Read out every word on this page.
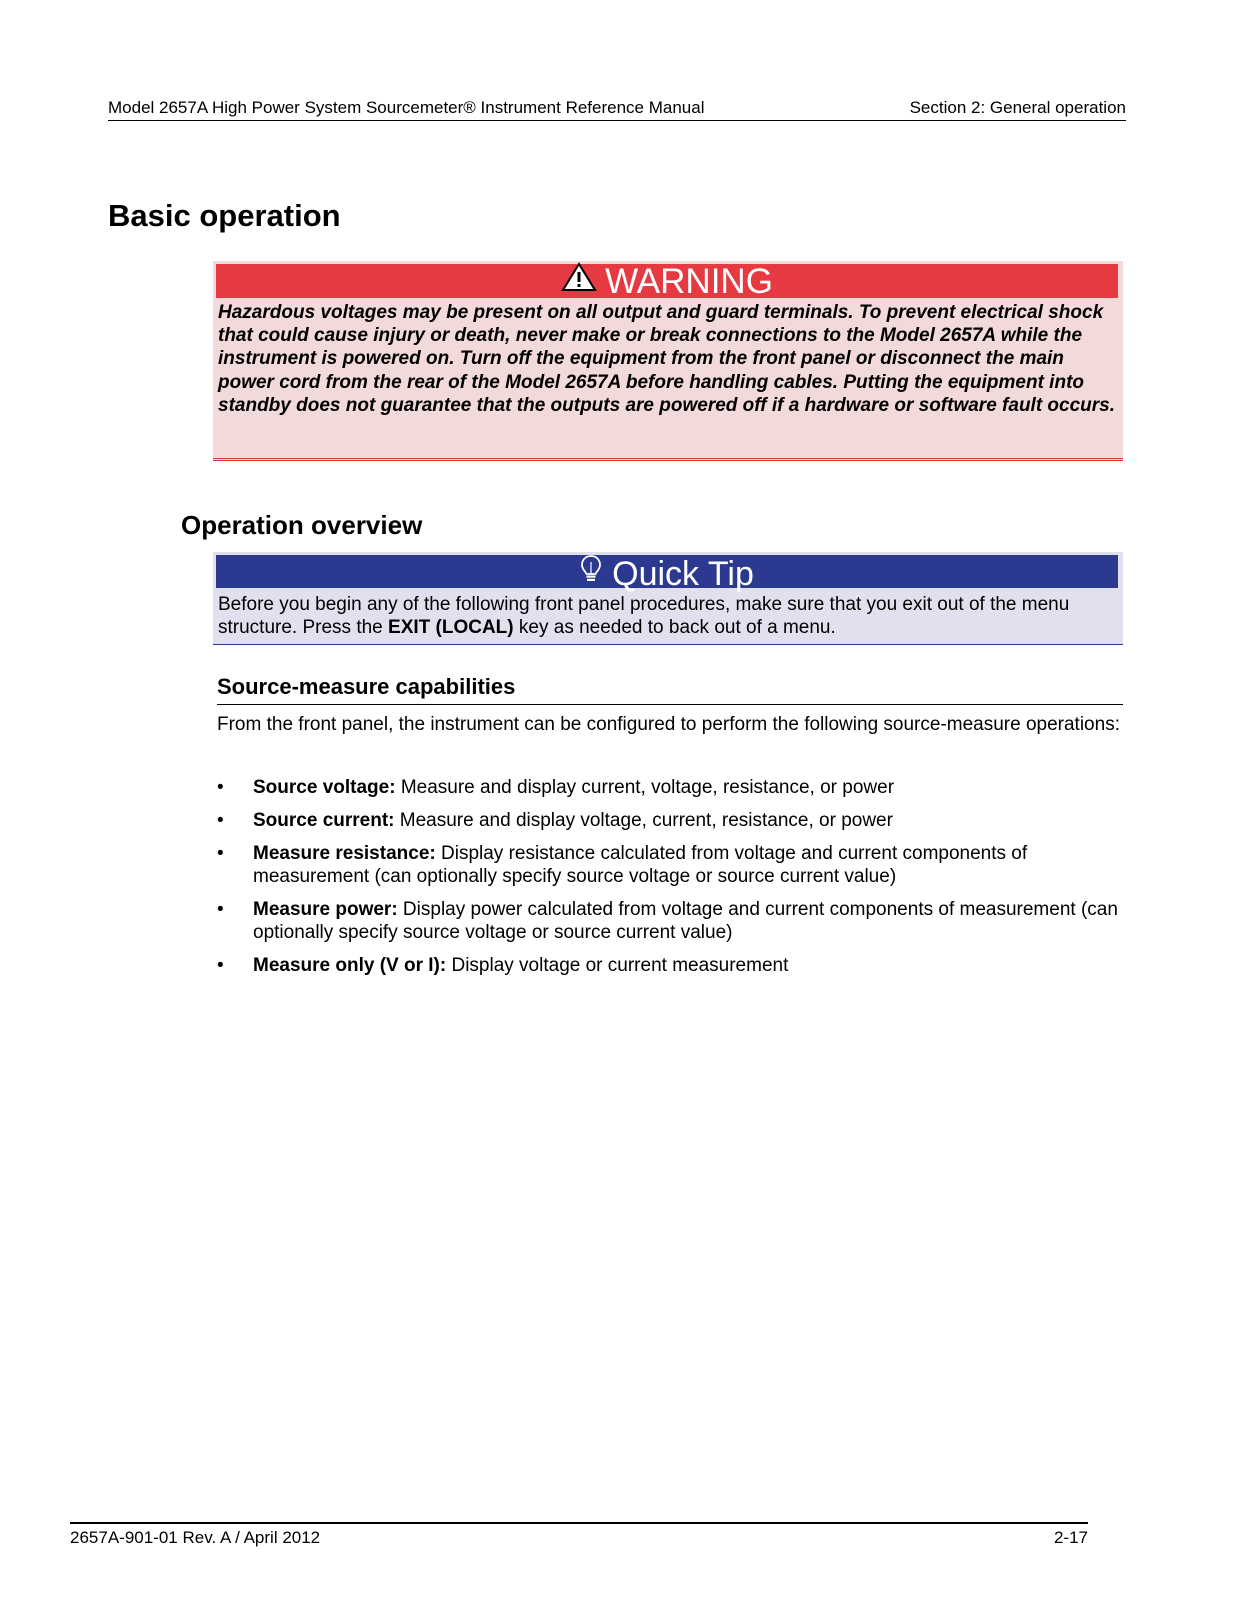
Model 2657A High Power System Sourcemeter® Instrument Reference Manual	Section 2: General operation
Basic operation
WARNING
Hazardous voltages may be present on all output and guard terminals. To prevent electrical shock that could cause injury or death, never make or break connections to the Model 2657A while the instrument is powered on. Turn off the equipment from the front panel or disconnect the main power cord from the rear of the Model 2657A before handling cables. Putting the equipment into standby does not guarantee that the outputs are powered off if a hardware or software fault occurs.
Operation overview
Quick Tip
Before you begin any of the following front panel procedures, make sure that you exit out of the menu structure. Press the EXIT (LOCAL) key as needed to back out of a menu.
Source-measure capabilities

From the front panel, the instrument can be configured to perform the following source-measure operations:

• Source voltage: Measure and display current, voltage, resistance, or power
• Source current: Measure and display voltage, current, resistance, or power
• Measure resistance: Display resistance calculated from voltage and current components of measurement (can optionally specify source voltage or source current value)
• Measure power: Display power calculated from voltage and current components of measurement (can optionally specify source voltage or source current value)
• Measure only (V or I): Display voltage or current measurement
2657A-901-01 Rev. A / April 2012	2-17
